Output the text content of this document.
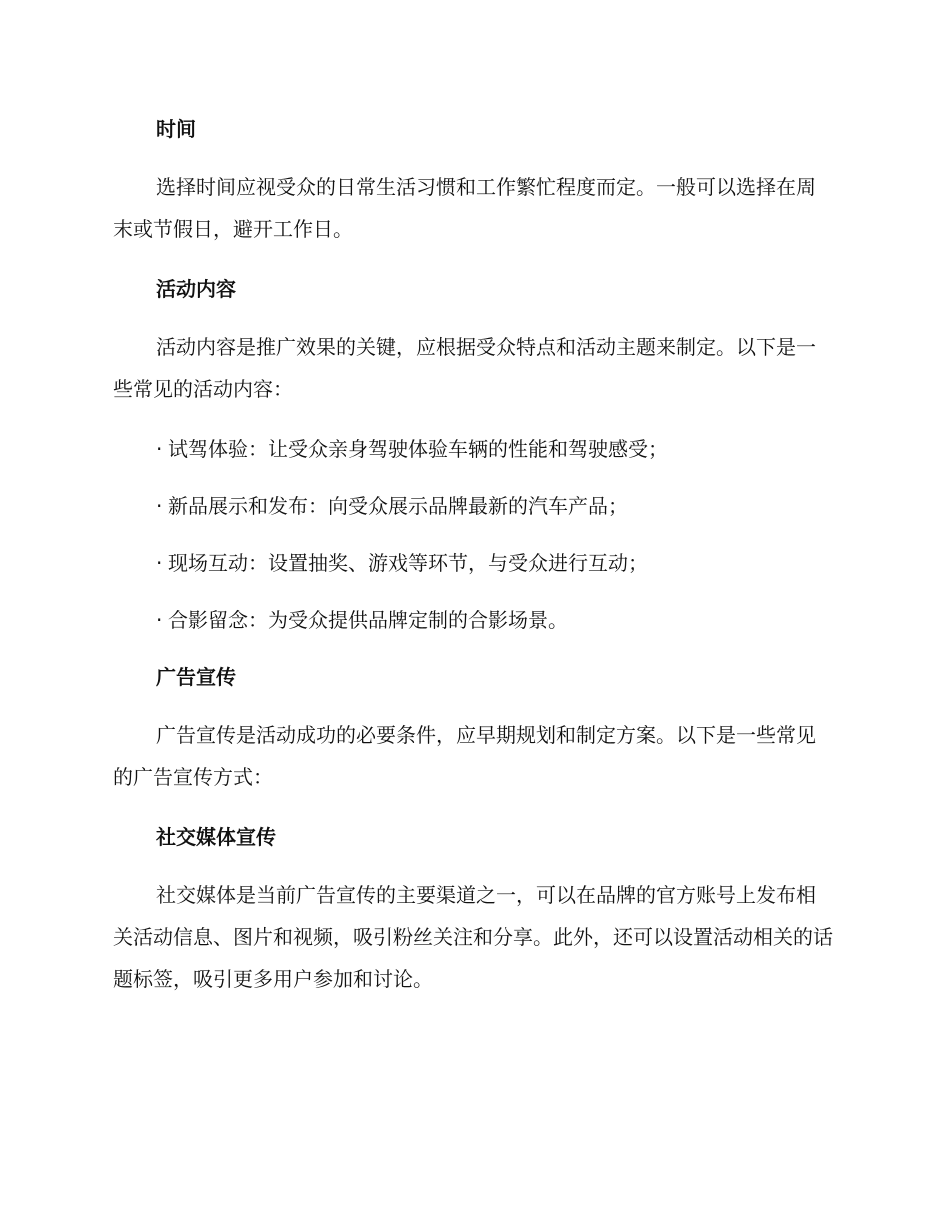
时间

选择时间应视受众的日常生活习惯和工作繁忙程度而定。一般可以选择在周末或节假日，避开工作日。

活动内容

活动内容是推广效果的关键，应根据受众特点和活动主题来制定。以下是一些常见的活动内容：

· 试驾体验：让受众亲身驾驶体验车辆的性能和驾驶感受；
· 新品展示和发布：向受众展示品牌最新的汽车产品；
· 现场互动：设置抽奖、游戏等环节，与受众进行互动；
· 合影留念：为受众提供品牌定制的合影场景。
广告宣传

广告宣传是活动成功的必要条件，应早期规划和制定方案。以下是一些常见的广告宣传方式：

社交媒体宣传

社交媒体是当前广告宣传的主要渠道之一，可以在品牌的官方账号上发布相关活动信息、图片和视频，吸引粉丝关注和分享。此外，还可以设置活动相关的话题标签，吸引更多用户参加和讨论。
